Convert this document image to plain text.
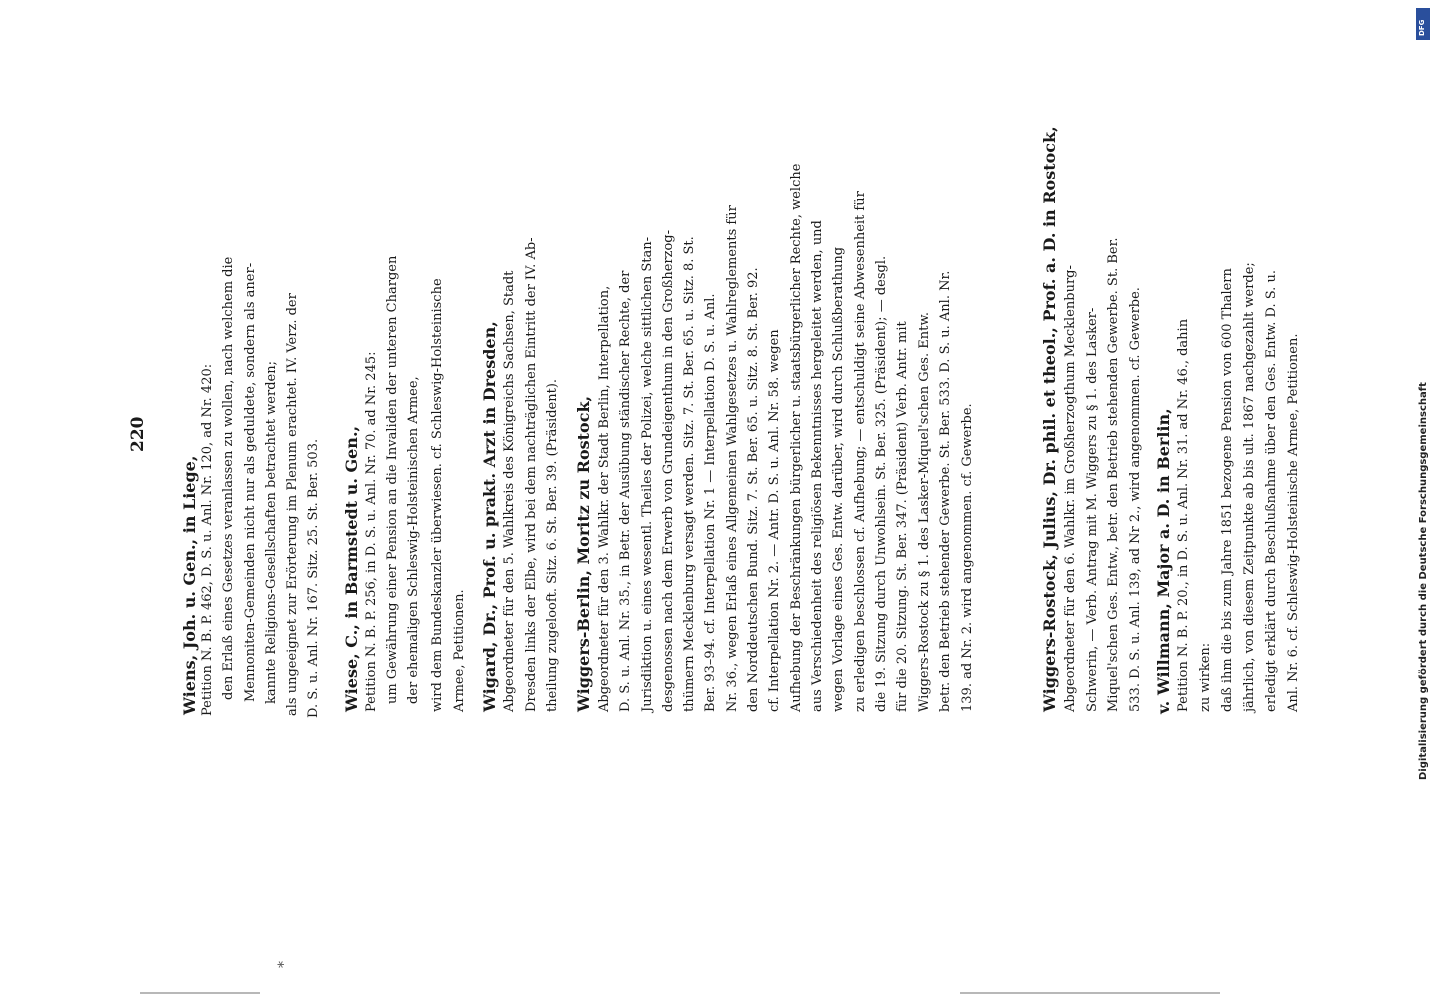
220
Wiens, Joh. u. Gen., in Liege, Petition N. B. P. 462, D. S. u. Anl. Nr. 120, ad Nr. 420: den Erlaß eines Gesetzes veranlassen zu wollen, nach welchem die Mennoniten-Gemeinden nicht nur als geduldete, sondern als aner- kannte Religions-Gesellschaften betrachtet werden; als ungeeignet zur Erörterung im Plenum erachtet. IV. Verz. der D. S. u. Anl. Nr. 167. Sitz. 25. St. Ber. 503. Wiese, C., in Barmstedt u. Gen., Petition N. B. P. 256, in D. S. u. Anl. Nr. 70. ad Nr. 245: um Gewährung einer Pension an die Invaliden der unteren Chargen der ehemaligen Schleswig-Holsteinischen Armee, wird dem Bundeskanzler überwiesen. cf. Schleswig-Holsteinische Armee, Petitionen. Wigard, Dr., Prof. u. prakt. Arzt in Dresden, Abgeordneter für den 5. Wahlkreis des Königreichs Sachsen, Stadt Dresden links der Elbe, wird bei dem nachträglichen Eintritt der IV. Ab- theilung zugelooft. Sitz. 6. St. Ber. 39. (Präsident). Wiggers-Berlin, Moritz zu Rostock, Abgeordneter für den 3. Wahlkr. der Stadt Berlin, Interpellation, D. S. u. Anl. Nr. 35., in Betr. der Ausübung ständischer Rechte, der Jurisdiktion u. eines wesentl. Theiles der Polizei, welche sittlichen Stan- desgenossen nach dem Erwerb von Grundeigenthum in den Großherzog- thümern Mecklenburg versagt werden. Sitz. 7. St. Ber. 65. u. Sitz. 8. St. Ber. 93–94. cf. Interpellation Nr. 1 — Interpellation D. S. u. Anl. Nr. 36., wegen Erlaß eines Allgemeinen Wahlgesetzes u. Wahlreglements für den Norddeutschen Bund. Sitz. 7. St. Ber. 65. u. Sitz. 8. St. Ber. 92. cf. Interpellation Nr. 2. — Antr. D. S. u. Anl. Nr. 58. wegen Aufhebung der Beschränkungen bürgerlicher u. staatsbürgerlicher Rechte, welche aus Verschiedenheit des religiösen Bekenntnisses hergeleitet werden, und wegen Vorlage eines Ges. Entw. darüber, wird durch Schlußberathung zu erledigen beschlossen cf. Aufhebung; — entschuldigt seine Abwesenheit für die 19. Sitzung durch Unwohlsein. St. Ber. 325. (Präsident); — desgl. für die 20. Sitzung. St. Ber. 347. (Präsident) Verb. Antr. mit Wiggers-Rostock zu § 1. des Lasker-Miquel'schen Ges. Entw. betr. den Betrieb stehender Gewerbe. St. Ber. 533. D. S. u. Anl. Nr. 139. ad Nr. 2. wird angenommen. cf. Gewerbe.	Wiggers-Rostock, Julius, Dr. phil. et theol., Prof. a. D. in Rostock, Abgeordneter für den 6. Wahlkr. im Großherzogthum Mecklenburg- Schwerin, — Verb. Antrag mit M. Wiggers zu § 1. des Lasker- Miquel'schen Ges. Entw., betr. den Betrieb stehenden Gewerbe. St. Ber. 533. D. S. u. Anl. 139, ad Nr 2., wird angenommen. cf. Gewerbe. v. Willmann, Major a. D. in Berlin, Petition N. B. P. 20., in D. S. u. Anl. Nr. 31. ad Nr. 46., dahin zu wirken: daß ihm die bis zum Jahre 1851 bezogene Pension von 600 Thalern jährlich, von diesem Zeitpunkte ab bis ult. 1867 nachgezahlt werde; erledigt erklärt durch Beschlußnahme über den Ges. Entw. D. S. u. Anl. Nr. 6. cf. Schleswig-Holsteinische Armee, Petitionen.
*
Digitalisierung gefördert durch die Deutsche Forschungsgemeinschaft
DFG
